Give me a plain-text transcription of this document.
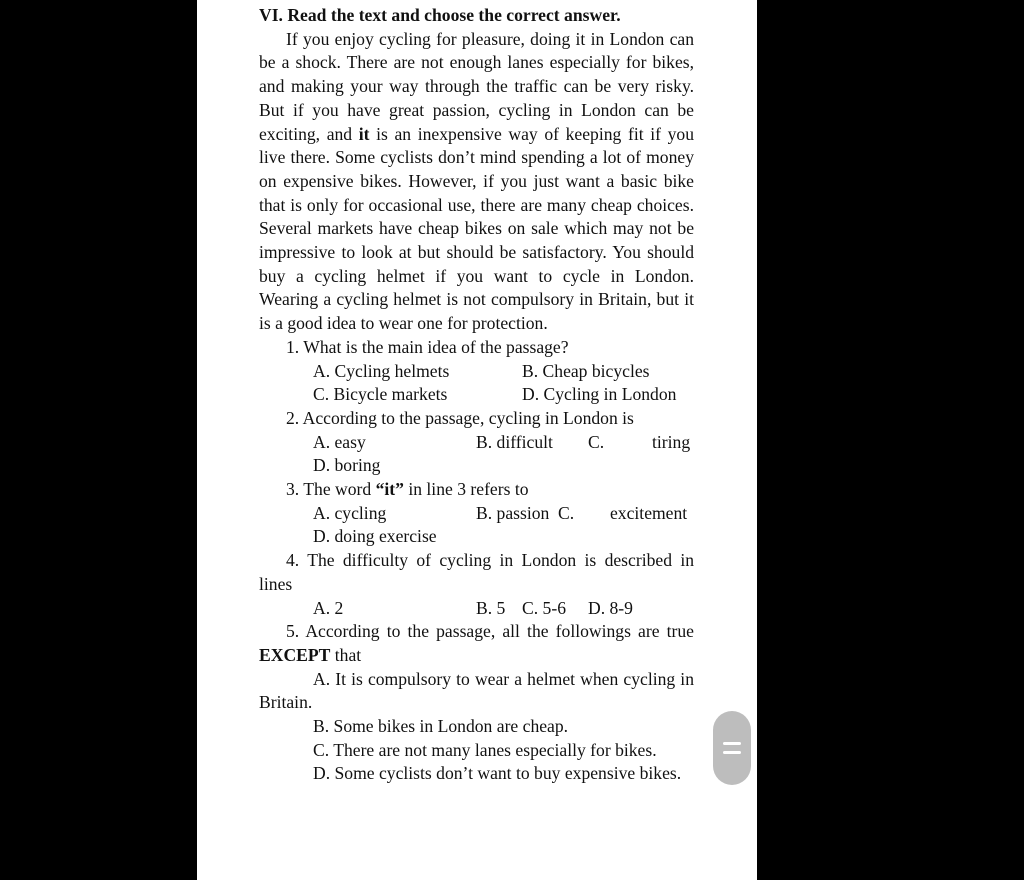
VI. Read the text and choose the correct answer.

If you enjoy cycling for pleasure, doing it in London can be a shock. There are not enough lanes especially for bikes, and making your way through the traffic can be very risky. But if you have great passion, cycling in London can be exciting, and it is an inexpensive way of keeping fit if you live there. Some cyclists don’t mind spending a lot of money on expensive bikes. However, if you just want a basic bike that is only for occasional use, there are many cheap choices. Several markets have cheap bikes on sale which may not be impressive to look at but should be satisfactory. You should buy a cycling helmet if you want to cycle in London. Wearing a cycling helmet is not compulsory in Britain, but it is a good idea to wear one for protection.

1. What is the main idea of the passage?

A. Cycling helmets	B. Cheap bicycles
C. Bicycle markets	D. Cycling in London

2. According to the passage, cycling in London is

A. easy	B. difficult C.	tiring

D. boring

3. The word “it” in line 3 refers to

A. cycling	B. passion C. excitement

D. doing exercise

4. The difficulty of cycling in London is described in lines

A. 2	B. 5 C. 5-6 D. 8-9

5. According to the passage, all the followings are true EXCEPT that

A. It is compulsory to wear a helmet when cycling in Britain.

B. Some bikes in London are cheap.

C. There are not many lanes especially for bikes.

D. Some cyclists don’t want to buy expensive bikes.
